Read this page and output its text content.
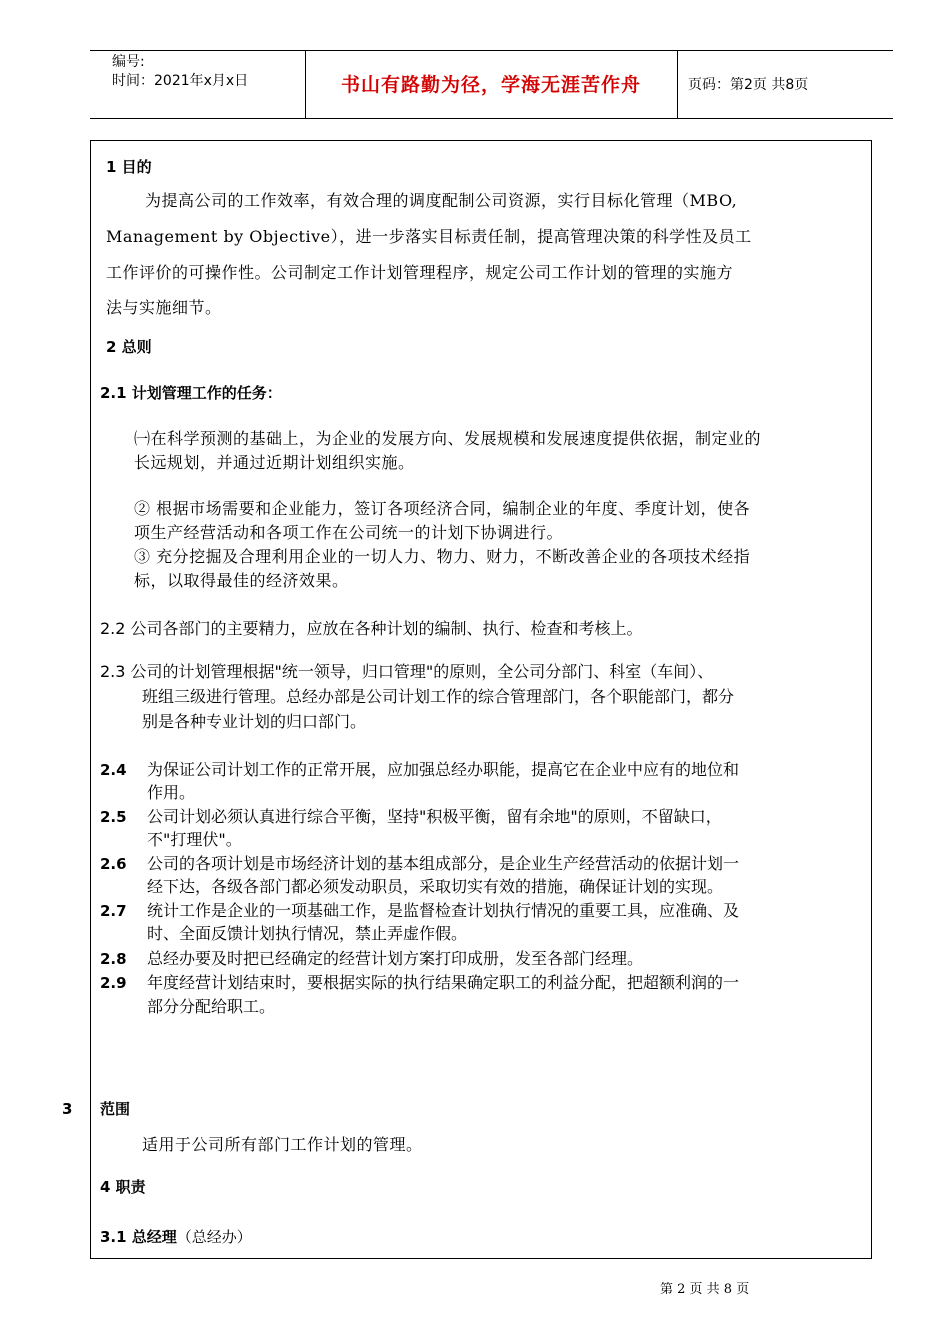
编号:
时间：2021年x月x日	书山有路勤为径，学海无涯苦作舟	页码：第2页 共8页
1 目的
为提高公司的工作效率，有效合理的调度配制公司资源，实行目标化管理（MBO,
Management by Objective），进一步落实目标责任制，提高管理决策的科学性及员工
工作评价的可操作性。公司制定工作计划管理程序，规定公司工作计划的管理的实施方
法与实施细节。
2 总则
2.1 计划管理工作的任务：
㈠在科学预测的基础上，为企业的发展方向、发展规模和发展速度提供依据，制定业的
长远规划，并通过近期计划组织实施。
② 根据市场需要和企业能力，签订各项经济合同，编制企业的年度、季度计划，使各
项生产经营活动和各项工作在公司统一的计划下协调进行。
③ 充分挖掘及合理利用企业的一切人力、物力、财力，不断改善企业的各项技术经指
标，以取得最佳的经济效果。
2.2 公司各部门的主要精力，应放在各种计划的编制、执行、检查和考核上。
2.3 公司的计划管理根据"统一领导，归口管理"的原则，全公司分部门、科室（车间）、
班组三级进行管理。总经办部是公司计划工作的综合管理部门，各个职能部门，都分
别是各种专业计划的归口部门。
2.4 为保证公司计划工作的正常开展，应加强总经办职能，提高它在企业中应有的地位和
作用。
2.5 公司计划必须认真进行综合平衡，坚持"积极平衡，留有余地"的原则，不留缺口，
不"打理伏"。
2.6 公司的各项计划是市场经济计划的基本组成部分，是企业生产经营活动的依据计划一
经下达，各级各部门都必须发动职员，采取切实有效的措施，确保证计划的实现。
2.7 统计工作是企业的一项基础工作，是监督检查计划执行情况的重要工具，应准确、及
时、全面反馈计划执行情况，禁止弄虚作假。
2.8 总经办要及时把已经确定的经营计划方案打印成册，发至各部门经理。
2.9 年度经营计划结束时，要根据实际的执行结果确定职工的利益分配，把超额利润的一
部分分配给职工。
3 范围
适用于公司所有部门工作计划的管理。
4 职责
3.1 总经理（总经办）
第 2 页 共 8 页
